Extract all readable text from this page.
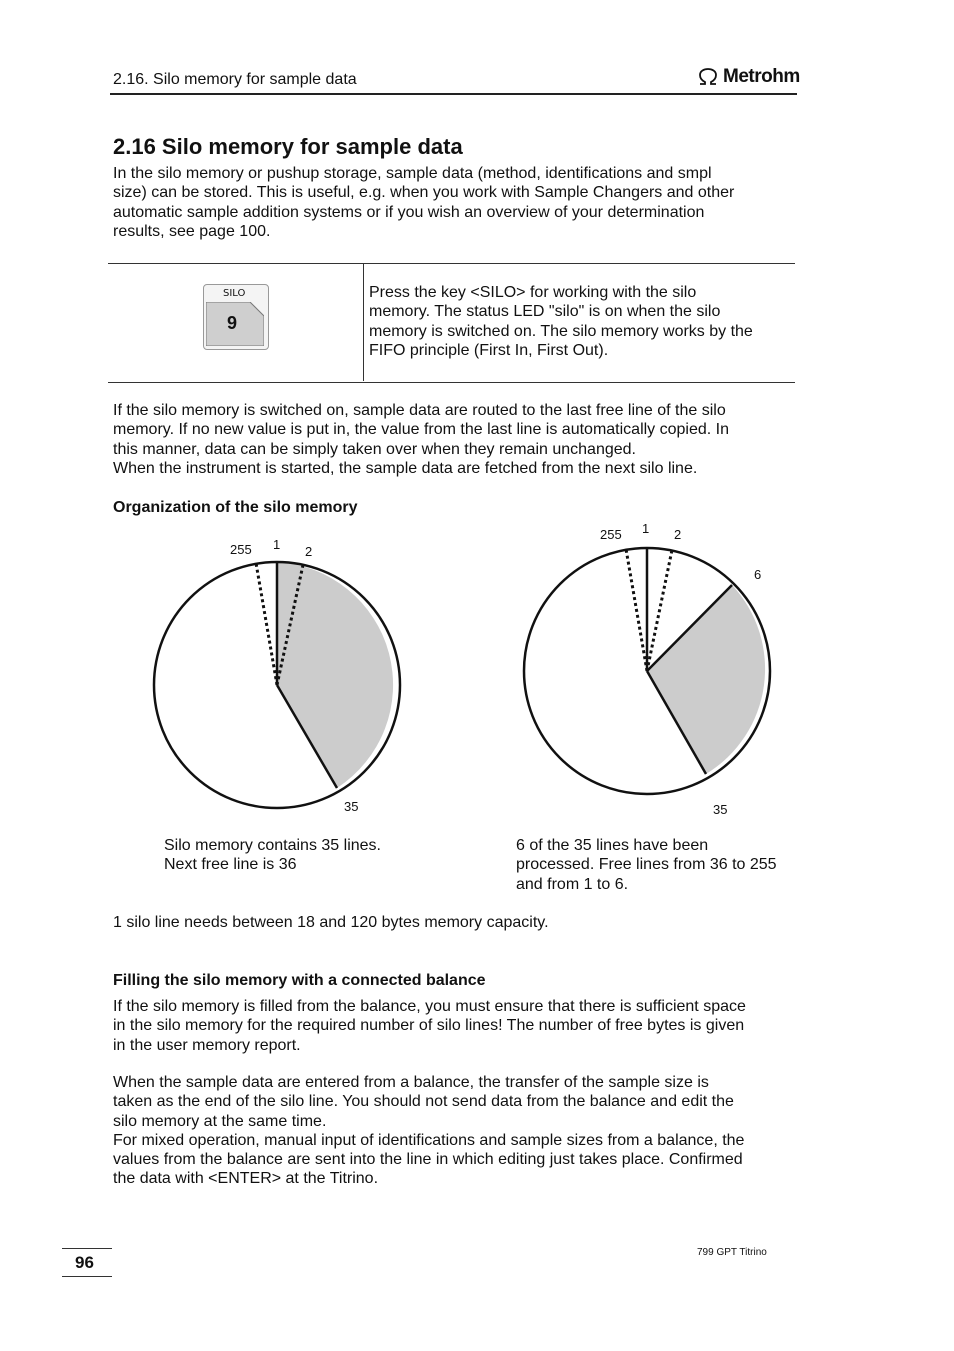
2.16. Silo memory for sample data	Metrohm
2.16 Silo memory for sample data

In the silo memory or pushup storage, sample data (method, identifications and smpl

size) can be stored. This is useful, e.g. when you work with Sample Changers and other

automatic sample addition systems or if you wish an overview of your determination

results, see page 100.

SILO
9

Press the key <SILO> for working with the silo

memory. The status LED "silo" is on when the silo

memory is switched on. The silo memory works by the

FIFO principle (First In, First Out).

If the silo memory is switched on, sample data are routed to the last free line of the silo

memory. If no new value is put in, the value from the last line is automatically copied. In

this manner, data can be simply taken over when they remain unchanged.

When the instrument is started, the sample data are fetched from the next silo line.

Organization of the silo memory
255 1 2
35
255 1 2
6
35

Silo memory contains 35 lines.

Next free line is 36

6 of the 35 lines have been

processed. Free lines from 36 to 255

and from 1 to 6.

1 silo line needs between 18 and 120 bytes memory capacity.

Filling the silo memory with a connected balance

If the silo memory is filled from the balance, you must ensure that there is sufficient space

in the silo memory for the required number of silo lines! The number of free bytes is given

in the user memory report.

When the sample data are entered from a balance, the transfer of the sample size is

taken as the end of the silo line. You should not send data from the balance and edit the

silo memory at the same time.

For mixed operation, manual input of identifications and sample sizes from a balance, the

values from the balance are sent into the line in which editing just takes place. Confirmed

the data with <ENTER> at the Titrino.

96
799 GPT Titrino
